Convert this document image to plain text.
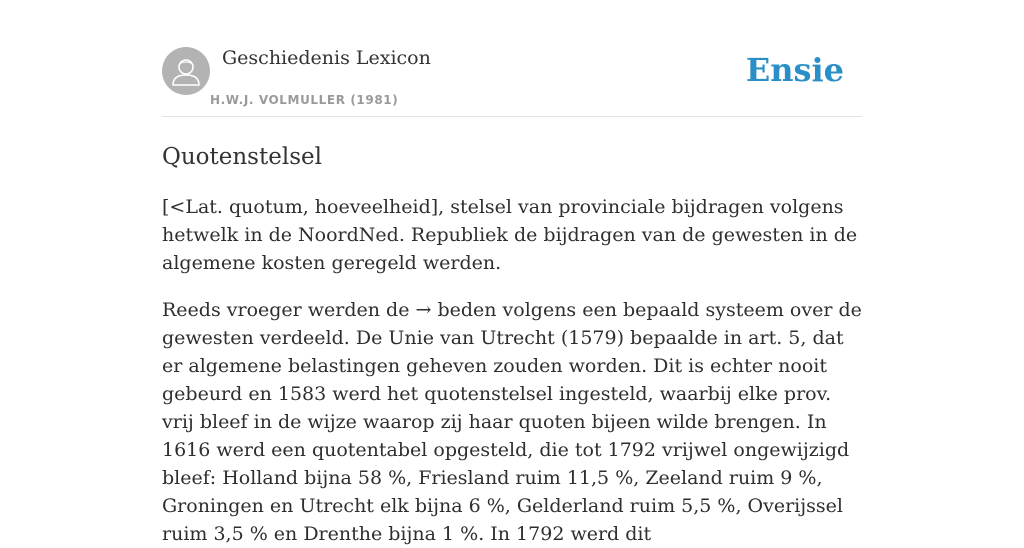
Geschiedenis Lexicon
H.W.J. VOLMULLER (1981)
Ensie
Quotenstelsel

[<Lat. quotum, hoeveelheid], stelsel van provinciale bijdragen volgens hetwelk in de NoordNed. Republiek de bijdragen van de gewesten in de algemene kosten geregeld werden.

Reeds vroeger werden de → beden volgens een bepaald systeem over de gewesten verdeeld. De Unie van Utrecht (1579) bepaalde in art. 5, dat er algemene belastingen geheven zouden worden. Dit is echter nooit gebeurd en 1583 werd het quotenstelsel ingesteld, waarbij elke prov. vrij bleef in de wijze waarop zij haar quoten bijeen wilde brengen. In 1616 werd een quotentabel opgesteld, die tot 1792 vrijwel ongewijzigd bleef: Holland bijna 58 %, Friesland ruim 11,5 %, Zeeland ruim 9 %, Groningen en Utrecht elk bijna 6 %, Gelderland ruim 5,5 %, Overijssel ruim 3,5 % en Drenthe bijna 1 %. In 1792 werd dit
